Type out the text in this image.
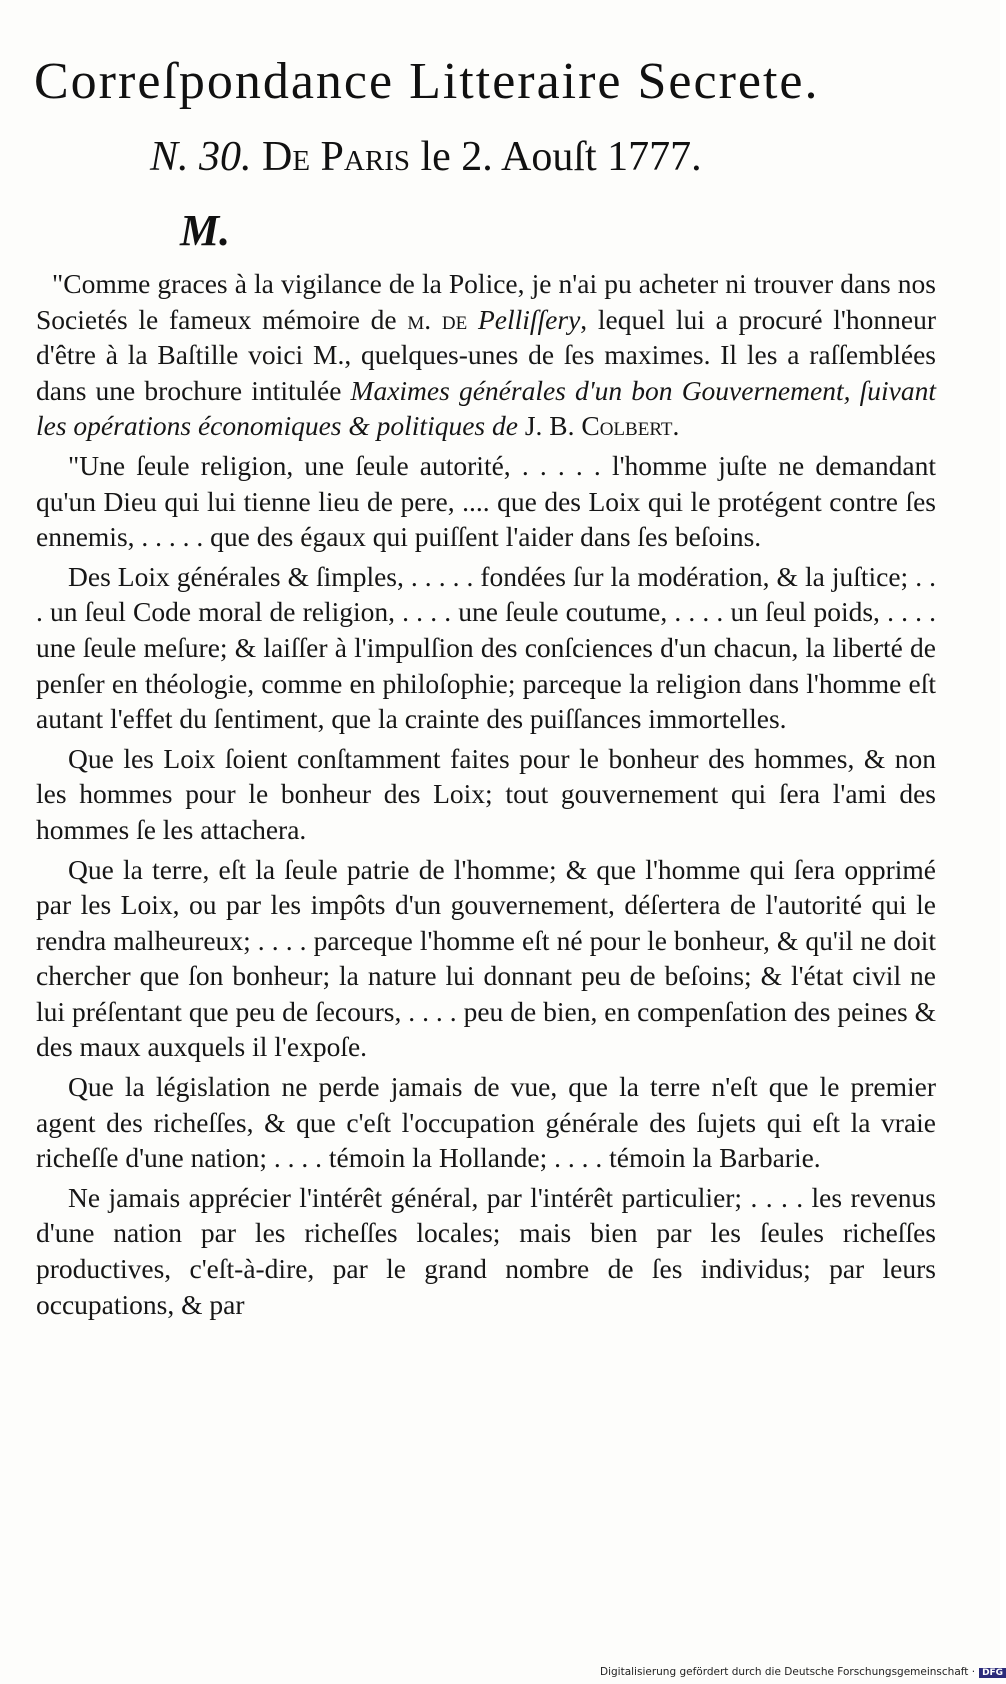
Correſpondance Litteraire Secrete.
N. 30. De Paris le 2. Aouſt 1777.
M.

"Comme graces à la vigilance de la Police, je n'ai pu acheter ni trouver dans nos Societés le fameux mémoire de m. de Pelliſſery, lequel lui a procuré l'honneur d'être à la Baſtille voici M., quelques-unes de ſes maximes. Il les a raſſemblées dans une brochure intitulée Maximes générales d'un bon Gouvernement, ſuivant les opérations économiques & politiques de J. B. Colbert.

"Une ſeule religion, une ſeule autorité, . . . . . l'homme juſte ne demandant qu'un Dieu qui lui tienne lieu de pere, .... que des Loix qui le protégent contre ſes ennemis, . . . . . que des égaux qui puiſſent l'aider dans ſes beſoins.

Des Loix générales & ſimples, . . . . . fondées ſur la modération, & la juſtice; . . . un ſeul Code moral de religion, . . . . une ſeule coutume, . . . . un ſeul poids, . . . . une ſeule meſure; & laiſſer à l'impulſion des conſciences d'un chacun, la liberté de penſer en théologie, comme en philoſophie; parceque la religion dans l'homme eſt autant l'effet du ſentiment, que la crainte des puiſſances immortelles.

Que les Loix ſoient conſtamment faites pour le bonheur des hommes, & non les hommes pour le bonheur des Loix; tout gouvernement qui ſera l'ami des hommes ſe les attachera.

Que la terre, eſt la ſeule patrie de l'homme; & que l'homme qui ſera opprimé par les Loix, ou par les impôts d'un gouvernement, déſertera de l'autorité qui le rendra malheureux; . . . . parceque l'homme eſt né pour le bonheur, & qu'il ne doit chercher que ſon bonheur; la nature lui donnant peu de beſoins; & l'état civil ne lui préſentant que peu de ſecours, . . . . peu de bien, en compenſation des peines & des maux auxquels il l'expoſe.

Que la législation ne perde jamais de vue, que la terre n'eſt que le premier agent des richeſſes, & que c'eſt l'occupation générale des ſujets qui eſt la vraie richeſſe d'une nation; . . . . témoin la Hollande; . . . . témoin la Barbarie.

Ne jamais apprécier l'intérêt général, par l'intérêt particulier; . . . . les revenus d'une nation par les richeſſes locales; mais bien par les ſeules richeſſes productives, c'eſt-à-dire, par le grand nombre de ſes individus; par leurs occupations, & par

Digitalisierung gefördert durch die Deutsche Forschungsgemeinschaft · DFG
